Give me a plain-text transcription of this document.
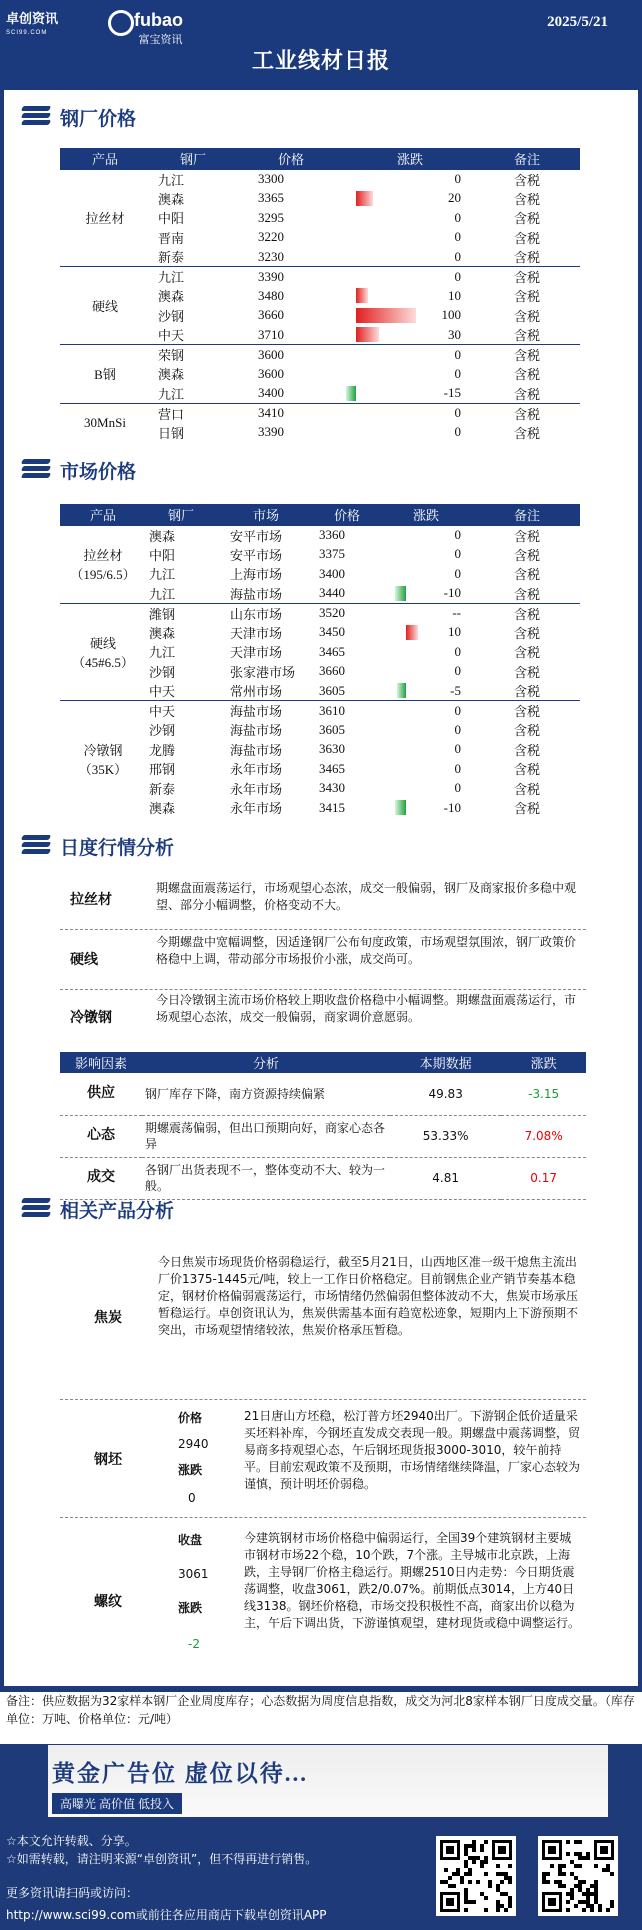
卓创资讯
SCI99.COM
fubao
富宝资讯
2025/5/21
工业线材日报
钢厂价格
产品	钢厂	价格	涨跌	备注
拉丝材	九江	3300	0	含税
	澳森	3365	20	含税
	中阳	3295	0	含税
	晋南	3220	0	含税
	新泰	3230	0	含税
硬线	九江	3390	0	含税
	澳森	3480	10	含税
	沙钢	3660	100	含税
	中天	3710	30	含税
B钢	荣钢	3600	0	含税
	澳森	3600	0	含税
	九江	3400	-15	含税
30MnSi	营口	3410	0	含税
	日钢	3390	0	含税
市场价格
产品	钢厂	市场	价格	涨跌	备注

拉丝材
（195/6.5）	澳森	安平市场	3360	0	含税
	中阳	安平市场	3375	0	含税
	九江	上海市场	3400	0	含税
	九江	海盐市场	3440	-10	含税

硬线
（45#6.5）	潍钢	山东市场	3520	--	含税
	澳森	天津市场	3450	10	含税
	九江	天津市场	3465	0	含税
	沙钢	张家港市场	3660	0	含税
	中天	常州市场	3605	-5	含税

冷镦钢
（35K）	中天	海盐市场	3610	0	含税
	沙钢	海盐市场	3605	0	含税
	龙腾	海盐市场	3630	0	含税
	邢钢	永年市场	3465	0	含税
	新泰	永年市场	3430	0	含税
	澳森	永年市场	3415	-10	含税
日度行情分析
拉丝材
期螺盘面震荡运行，市场观望心态浓，成交一般偏弱，钢厂及商家报价多稳中观望、部分小幅调整，价格变动不大。
硬线
今期螺盘中宽幅调整，因适逢钢厂公布旬度政策，市场观望氛围浓，钢厂政策价格稳中上调，带动部分市场报价小涨，成交尚可。
冷镦钢
今日冷镦钢主流市场价格较上期收盘价格稳中小幅调整。期螺盘面震荡运行，市场观望心态浓，成交一般偏弱，商家调价意愿弱。
影响因素	分析	本期数据	涨跌
供应	钢厂库存下降，南方资源持续偏紧	49.83	-3.15
心态	期螺震荡偏弱，但出口预期向好，商家心态各异	53.33%	7.08%
成交	各钢厂出货表现不一，整体变动不大、较为一般。	4.81	0.17
相关产品分析
焦炭
今日焦炭市场现货价格弱稳运行，截至5月21日，山西地区准一级干熄焦主流出厂价1375-1445元/吨，较上一工作日价格稳定。目前钢焦企业产销节奏基本稳定，钢材价格偏弱震荡运行，市场情绪仍然偏弱但整体波动不大，焦炭市场承压暂稳运行。卓创资讯认为，焦炭供需基本面有趋宽松迹象，短期内上下游预期不突出，市场观望情绪较浓，焦炭价格承压暂稳。
钢坯
价格
2940
涨跌
0
21日唐山方坯稳，松汀普方坯2940出厂。下游钢企低价适量采买坯料补库，今钢坯直发成交表现一般。期螺盘中震荡调整，贸易商多持观望心态，午后钢坯现货报3000-3010，较午前持平。目前宏观政策不及预期，市场情绪继续降温，厂家心态较为谨慎，预计明坯价弱稳。
螺纹
收盘
3061
涨跌
-2
今建筑钢材市场价格稳中偏弱运行，全国39个建筑钢材主要城市钢材市场22个稳，10个跌，7个涨。主导城市北京跌，上海跌，主导钢厂价格主稳运行。期螺2510日内走势：今日期货震荡调整，收盘3061，跌2/0.07%。前期低点3014，上方40日线3138。钢坯价格稳，市场交投积极性不高，商家出价以稳为主，午后下调出货，下游谨慎观望，建材现货或稳中调整运行。
备注：供应数据为32家样本钢厂企业周度库存；心态数据为周度信息指数，成交为河北8家样本钢厂日度成交量。（库存单位：万吨、价格单位：元/吨）
黄金广告位 虚位以待...
高曝光 高价值 低投入
☆本文允许转载、分享。
☆如需转载，请注明来源“卓创资讯”，但不得再进行销售。
更多资讯请扫码或访问：
http://www.sci99.com或前往各应用商店下载卓创资讯APP
